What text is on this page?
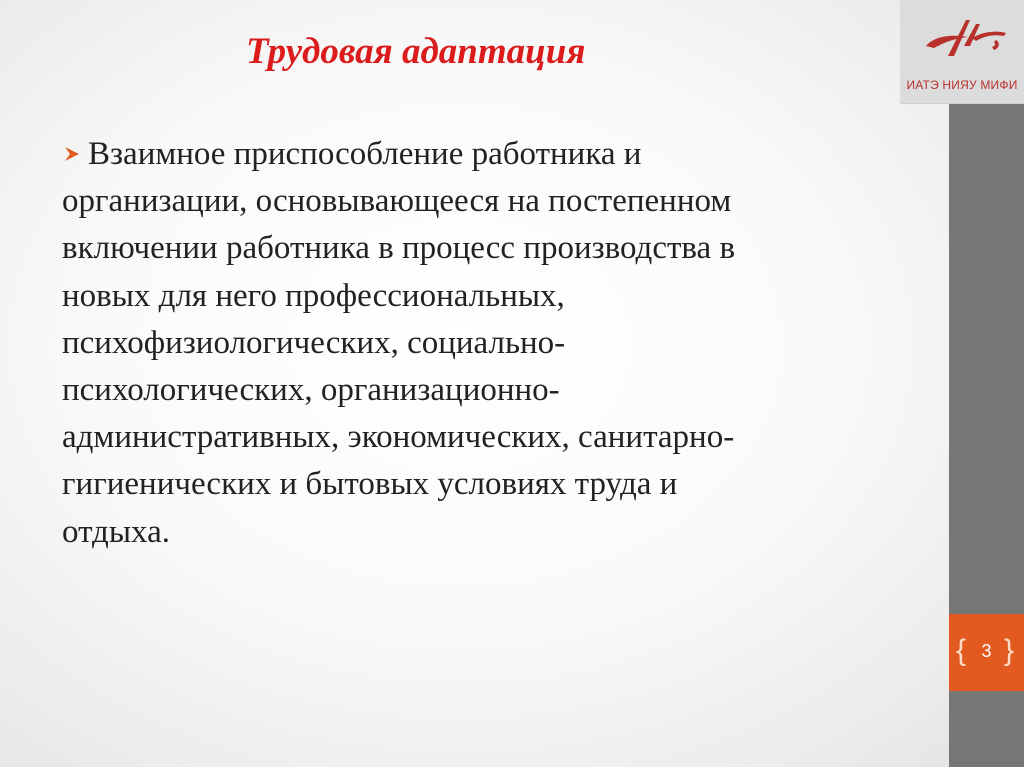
ИАТЭ НИЯУ МИФИ
Трудовая адаптация
Взаимное приспособление работника и
организации, основывающееся на постепенном
включении работника в процесс производства в
новых для него профессиональных,
психофизиологических, социально-
психологических, организационно-
административных, экономических, санитарно-
гигиенических и бытовых условиях труда и
отдыха.
{ 3 }
